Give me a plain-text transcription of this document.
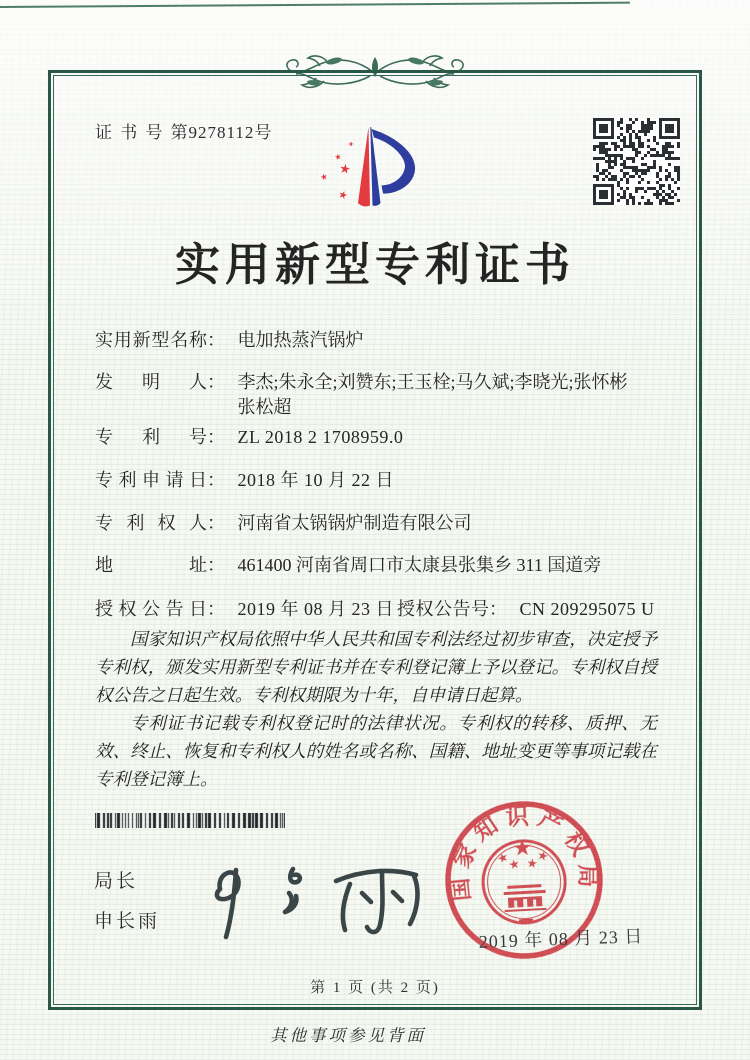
证 书 号 第9278112号
实用新型专利证书
实用新型名称： 电加热蒸汽锅炉
发明人： 李杰;朱永全;刘赞东;王玉栓;马久斌;李晓光;张怀彬
张松超
专利号： ZL 2018 2 1708959.0
专利申请日： 2018 年 10 月 22 日
专利权人： 河南省太锅锅炉制造有限公司
地址： 461400 河南省周口市太康县张集乡 311 国道旁
授权公告日： 2019 年 08 月 23 日 授权公告号： CN 209295075 U

国家知识产权局依照中华人民共和国专利法经过初步审查，决定授予专利权，颁发实用新型专利证书并在专利登记簿上予以登记。专利权自授权公告之日起生效。专利权期限为十年，自申请日起算。

专利证书记载专利权登记时的法律状况。专利权的转移、质押、无效、终止、恢复和专利权人的姓名或名称、国籍、地址变更等事项记载在专利登记簿上。

局长
申长雨
国家知识产权局
2019 年 08 月 23 日
第 1 页 (共 2 页)
其他事项参见背面
